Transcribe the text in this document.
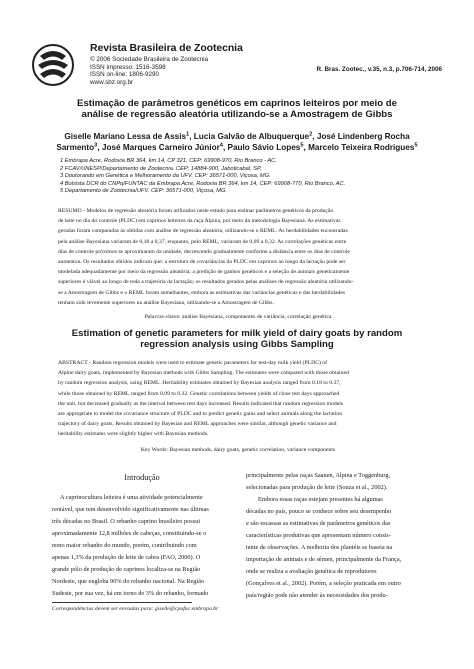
Revista Brasileira de Zootecnia
© 2006 Sociedade Brasileira de Zootecnia
ISSN impresso: 1516-3598
ISSN on-line: 1806-9290
www.sbz.org.br
R. Bras. Zootec., v.35, n.3, p.706-714, 2006
Estimação de parâmetros genéticos em caprinos leiteiros por meio de
análise de regressão aleatória utilizando-se a Amostragem de Gibbs
Giselle Mariano Lessa de Assis$^1$, Lucia Galvão de Albuquerque$^2$, José Lindenberg Rocha
Sarmento$^3$, José Marques Carneiro Júnior$^4$, Paulo Sávio Lopes$^5$, Marcelo Teixeira Rodrigues$^5$
1 Embrapa Acre, Rodovia BR 364, km 14, CP 321, CEP: 69908-970, Rio Branco - AC.
2 FCAV/UNESP/Departamento de Zootecnia. CEP: 14884-900, Jaboticabal, SP.
3 Doutorando em Genética e Melhoramento da UFV. CEP: 36571-000, Viçosa, MG.
4 Bolsista DCR do CNPq/FUNTAC da Embrapa Acre, Rodovia BR 364, km 14, CEP: 69908-770, Rio Branco, AC.
5 Departamento de Zootecnia/UFV. CEP: 36571-000, Viçosa, MG.
RESUMO - Modelos de regressão aleatória foram utilizados neste estudo para estimar parâmetros genéticos da produção
de leite no dia do controle (PLDC) em caprinos leiteiros da raça Alpina, por meio da metodologia Bayesiana. As estimativas
geradas foram comparadas às obtidas com análise de regressão aleatória, utilizando-se o REML. As herdabilidades encontradas
pela análise Bayesiana variaram de 0,18 a 0,37, enquanto, pelo REML, variaram de 0,09 a 0,32. As correlações genéticas entre
dias de controle próximos se aproximaram da unidade, decrescendo gradualmente conforme a distância entre os dias de controle
aumentou. Os resultados obtidos indicam que: a estrutura de covariâncias da PLDC em caprinos ao longo da lactação pode ser
modelada adequadamente por meio da regressão aleatória; a predição de ganhos genéticos e a seleção de animais geneticamente
superiores é viável ao longo de toda a trajetória da lactação; os resultados gerados pelas análises de regressão aleatória utilizando-
se a Amostragem de Gibbs e o REML foram semelhantes, embora as estimativas das variâncias genéticas e das herdabilidades
tenham sido levemente superiores na análise Bayesiana, utilizando-se a Amostragem de Gibbs.
Palavras-chave: análise Bayesiana, componentes de variância, correlação genética
Estimation of genetic parameters for milk yield of dairy goats by random
regression analysis using Gibbs Sampling
ABSTRACT - Random regression models were used to estimate genetic parameters for test-day milk yield (PLDC) of
Alpine dairy goats, implemented by Bayesian methods with Gibbs Sampling. The estimates were compared with those obtained
by random regression analysis, using REML. Heritability estimates obtained by Bayesian analysis ranged from 0.18 to 0.37,
while those obtained by REML ranged from 0.09 to 0.32. Genetic correlations between yields of close test days approached
the unit, but decreased gradually as the interval between test days increased. Results indicated that random regression models
are appropriate to model the covariance structure of PLDC and to predict genetic gains and select animals along the lactation
trajectory of dairy goats. Results obtained by Bayesian and REML approaches were similar, although genetic variance and
heritability estimates were slightly higher with Bayesian methods.
Key Words: Bayesian methods, dairy goats, genetic correlation, variance components
Introdução
A caprinocultura leiteira é uma atividade potencialmente
rentável, que tem desenvolvido significativamente nas últimas
três décadas no Brasil. O rebanho caprino brasileiro possui
aproximadamente 12,8 milhões de cabeças, constituindo-se o
nono maior rebanho do mundo, porém, contribuindo com
apenas 1,3% da produção de leite de cabra (FAO, 2000). O
grande pólo de produção de caprinos localiza-se na Região
Nordeste, que engloba 90% do rebanho nacional. Na Região
Sudeste, por sua vez, há em torno de 3% do rebanho, formado
principalmente pelas raças Saanen, Alpina e Toggenburg,
selecionadas para produção de leite (Souza et al., 2002).
Embora essas raças estejam presentes há algumas
décadas no país, pouco se conhece sobre seu desempenho
e são escassas as estimativas de parâmetros genéticos das
características produtivas que apresentam número consis-
tente de observações. A melhoria dos plantéis se baseia na
importação de animais e de sêmen, principalmente da França,
onde se realiza a avaliação genética de reprodutores
(Gonçalves et al., 2002). Porém, a seleção praticada em outro
país/região pode não atender às necessidades dos produ-
Correspondências devem ser enviadas para: giselle@cpafac.embrapa.br
